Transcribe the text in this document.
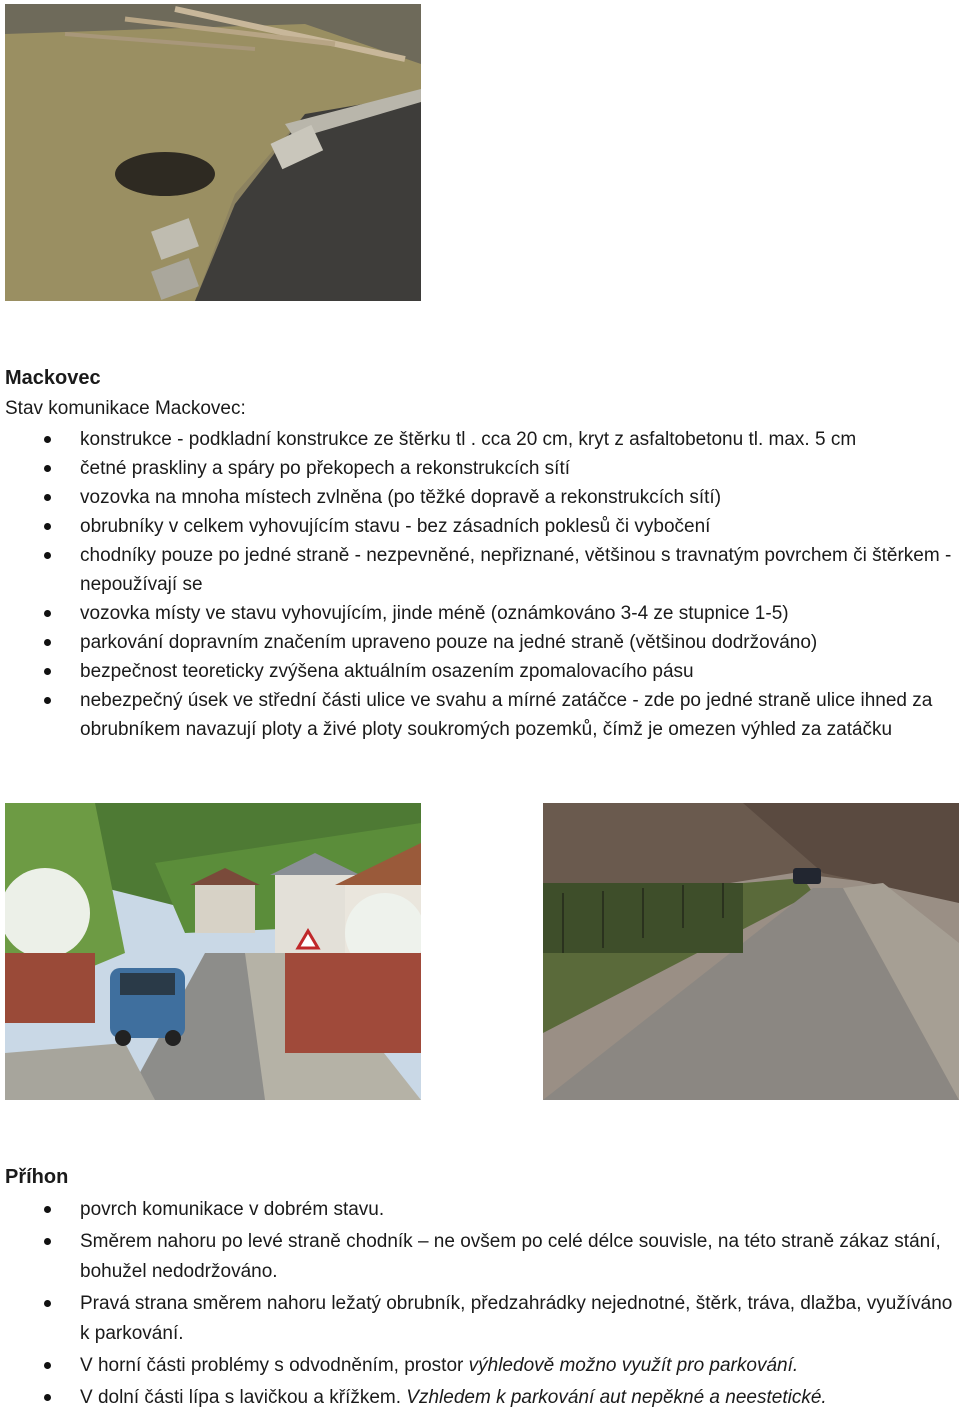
Mackovec
Stav komunikace Mackovec:
konstrukce - podkladní konstrukce ze štěrku tl . cca 20 cm, kryt z asfaltobetonu tl. max. 5 cm
četné praskliny a spáry po překopech a rekonstrukcích sítí
vozovka na mnoha místech zvlněna (po těžké dopravě a rekonstrukcích sítí)
obrubníky v celkem vyhovujícím stavu - bez zásadních poklesů či vybočení
chodníky pouze po jedné straně - nezpevněné, nepřiznané, většinou s travnatým povrchem či štěrkem - nepoužívají se
vozovka místy ve stavu vyhovujícím, jinde méně (oznámkováno 3-4 ze stupnice 1-5)
parkování dopravním značením upraveno pouze na jedné straně (většinou dodržováno)
bezpečnost teoreticky zvýšena aktuálním osazením zpomalovacího pásu
nebezpečný úsek ve střední části ulice ve svahu a mírné zatáčce - zde po jedné straně ulice ihned za obrubníkem navazují ploty a živé ploty soukromých pozemků, čímž je omezen výhled za zatáčku
Příhon
povrch komunikace v dobrém stavu.
Směrem nahoru po levé straně chodník – ne ovšem po celé délce souvisle, na této straně zákaz stání, bohužel nedodržováno.
Pravá strana směrem nahoru ležatý obrubník, předzahrádky nejednotné, štěrk, tráva, dlažba, využíváno k parkování.
V horní části problémy s odvodněním, prostor výhledově možno využít pro parkování.
V dolní části lípa s lavičkou a křížkem. Vzhledem k parkování aut nepěkné a neestetické.
